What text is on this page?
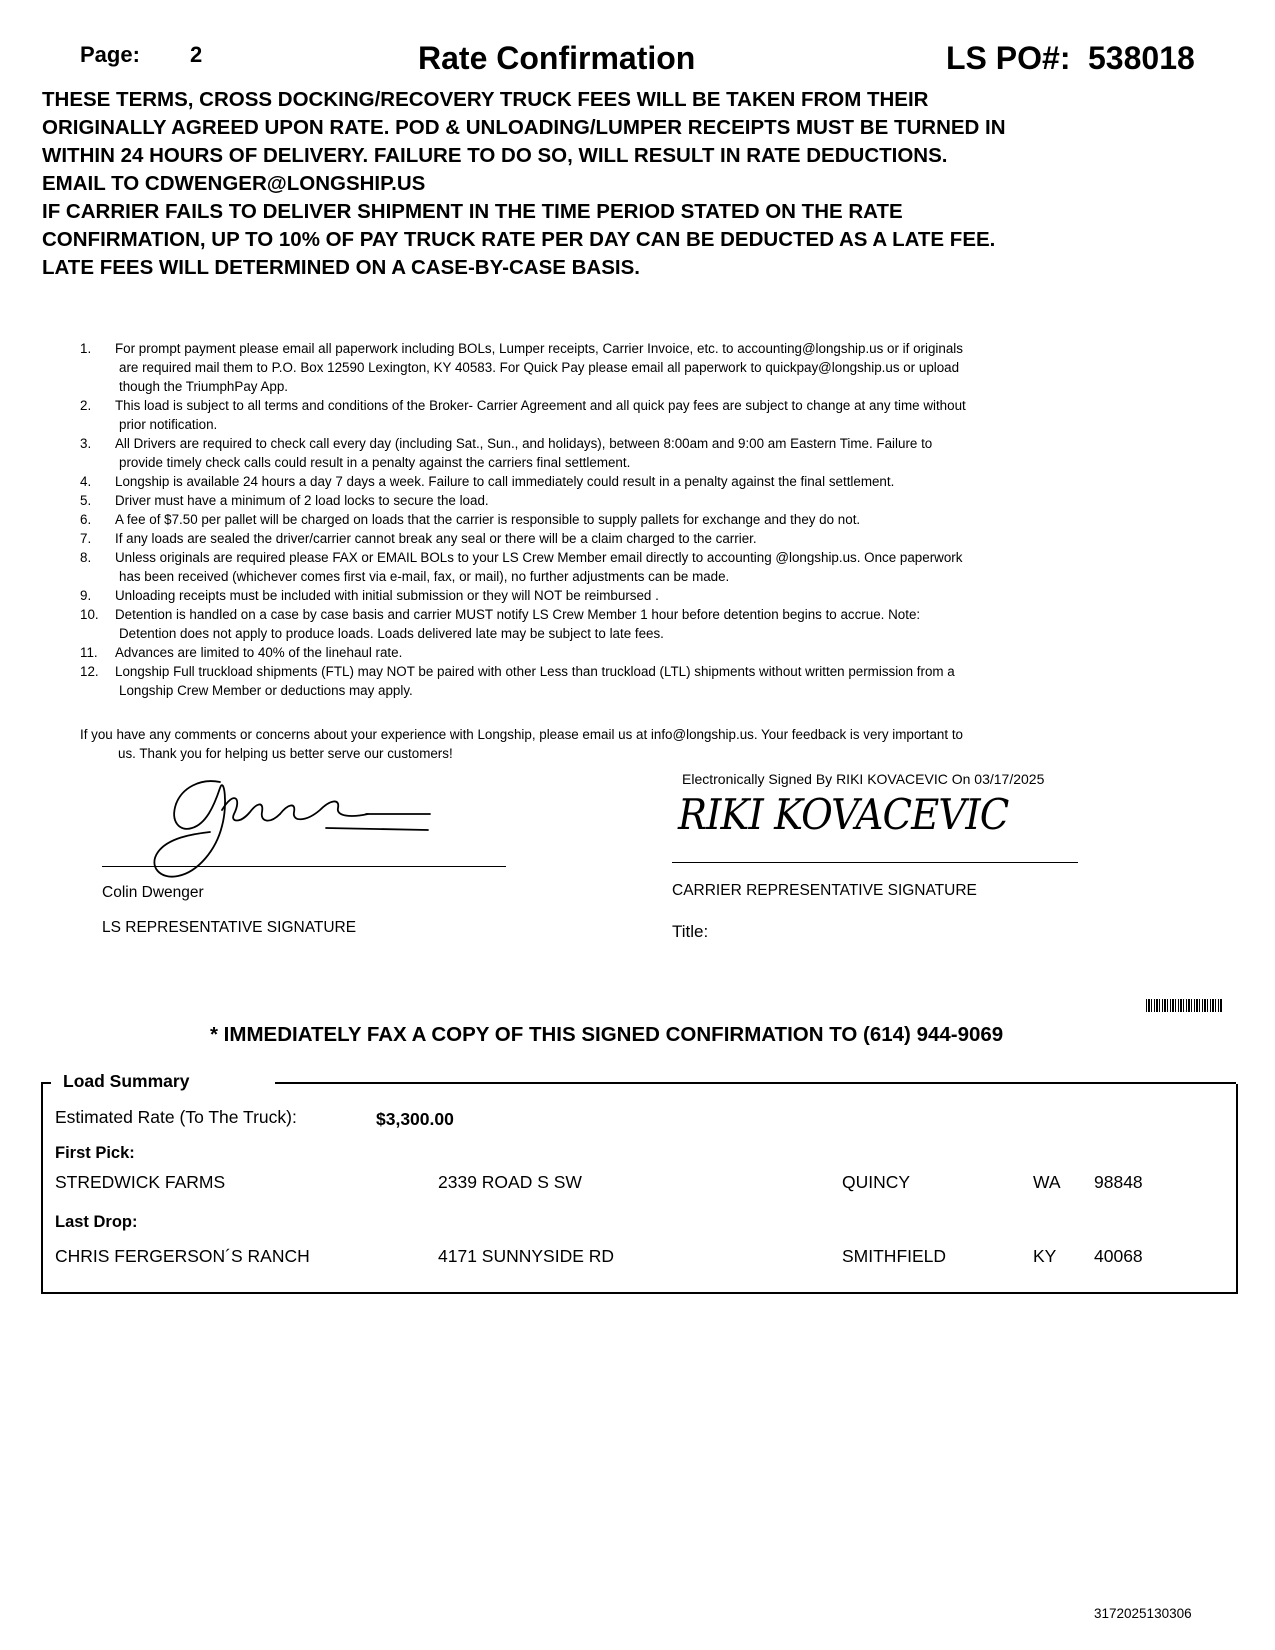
Page: 2	Rate Confirmation	LS PO#: 538018
THESE TERMS, CROSS DOCKING/RECOVERY TRUCK FEES WILL BE TAKEN FROM THEIR
ORIGINALLY AGREED UPON RATE. POD & UNLOADING/LUMPER RECEIPTS MUST BE TURNED IN
WITHIN 24 HOURS OF DELIVERY. FAILURE TO DO SO, WILL RESULT IN RATE DEDUCTIONS.
EMAIL TO CDWENGER@LONGSHIP.US
IF CARRIER FAILS TO DELIVER SHIPMENT IN THE TIME PERIOD STATED ON THE RATE
CONFIRMATION, UP TO 10% OF PAY TRUCK RATE PER DAY CAN BE DEDUCTED AS A LATE FEE.
LATE FEES WILL DETERMINED ON A CASE-BY-CASE BASIS.
1. For prompt payment please email all paperwork including BOLs, Lumper receipts, Carrier Invoice, etc. to accounting@longship.us or if originals
are required mail them to P.O. Box 12590 Lexington, KY 40583. For Quick Pay please email all paperwork to quickpay@longship.us or upload
though the TriumphPay App.
2. This load is subject to all terms and conditions of the Broker- Carrier Agreement and all quick pay fees are subject to change at any time without
prior notification.
3. All Drivers are required to check call every day (including Sat., Sun., and holidays), between 8:00am and 9:00 am Eastern Time. Failure to
provide timely check calls could result in a penalty against the carriers final settlement.
4. Longship is available 24 hours a day 7 days a week. Failure to call immediately could result in a penalty against the final settlement.
5. Driver must have a minimum of 2 load locks to secure the load.
6. A fee of $7.50 per pallet will be charged on loads that the carrier is responsible to supply pallets for exchange and they do not.
7. If any loads are sealed the driver/carrier cannot break any seal or there will be a claim charged to the carrier.
8. Unless originals are required please FAX or EMAIL BOLs to your LS Crew Member email directly to accounting @longship.us. Once paperwork
has been received (whichever comes first via e-mail, fax, or mail), no further adjustments can be made.
9. Unloading receipts must be included with initial submission or they will NOT be reimbursed .
10. Detention is handled on a case by case basis and carrier MUST notify LS Crew Member 1 hour before detention begins to accrue. Note:
Detention does not apply to produce loads. Loads delivered late may be subject to late fees.
11. Advances are limited to 40% of the linehaul rate.
12. Longship Full truckload shipments (FTL) may NOT be paired with other Less than truckload (LTL) shipments without written permission from a
Longship Crew Member or deductions may apply.
If you have any comments or concerns about your experience with Longship, please email us at info@longship.us. Your feedback is very important to
us. Thank you for helping us better serve our customers!
Electronically Signed By RIKI KOVACEVIC On 03/17/2025
RIKI KOVACEVIC
Colin Dwenger
LS REPRESENTATIVE SIGNATURE
CARRIER REPRESENTATIVE SIGNATURE
Title:
* IMMEDIATELY FAX A COPY OF THIS SIGNED CONFIRMATION TO (614) 944-9069
Load Summary
Estimated Rate (To The Truck):	$3,300.00
First Pick:
STREDWICK FARMS	2339 ROAD S SW	QUINCY	WA 98848
Last Drop:
CHRIS FERGERSON´S RANCH	4171 SUNNYSIDE RD	SMITHFIELD	KY 40068
3172025130306
